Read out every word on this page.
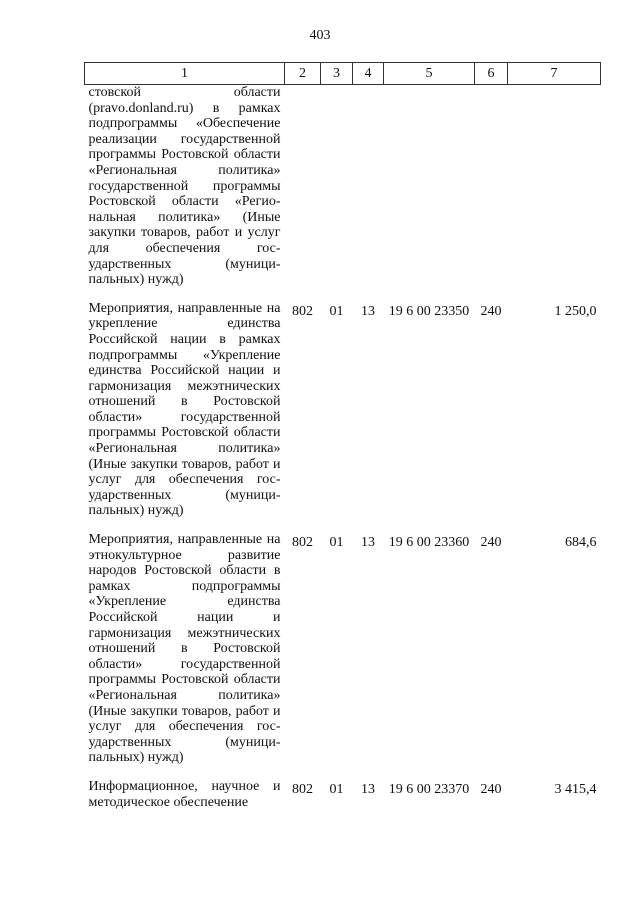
403
1	2	3	4	5	6	7
стовской области (pravo.donland.ru) в рамках подпрограммы «Обеспечение реализации государственной программы Ростовской области «Региональная политика» государственной программы Ростовской области «Региональная политика» (Иные закупки товаров, работ и услуг для обеспечения государственных (муниципальных) нужд)						

Мероприятия, направленные на укрепление единства Российской нации в рамках подпрограммы «Укрепление единства Российской нации и гармонизация межэтнических отношений в Ростовской области» государственной программы Ростовской области «Региональная политика» (Иные закупки товаров, работ и услуг для обеспечения государственных (муниципальных) нужд)	802	01	13	19 6 00 23350	240	1 250,0

Мероприятия, направленные на этнокультурное развитие народов Ростовской области в рамках подпрограммы «Укрепление единства Российской нации и гармонизация межэтнических отношений в Ростовской области» государственной программы Ростовской области «Региональная политика» (Иные закупки товаров, работ и услуг для обеспечения государственных (муниципальных) нужд)	802	01	13	19 6 00 23360	240	684,6

Информационное, научное и методическое обеспечение	802	01	13	19 6 00 23370	240	3 415,4
